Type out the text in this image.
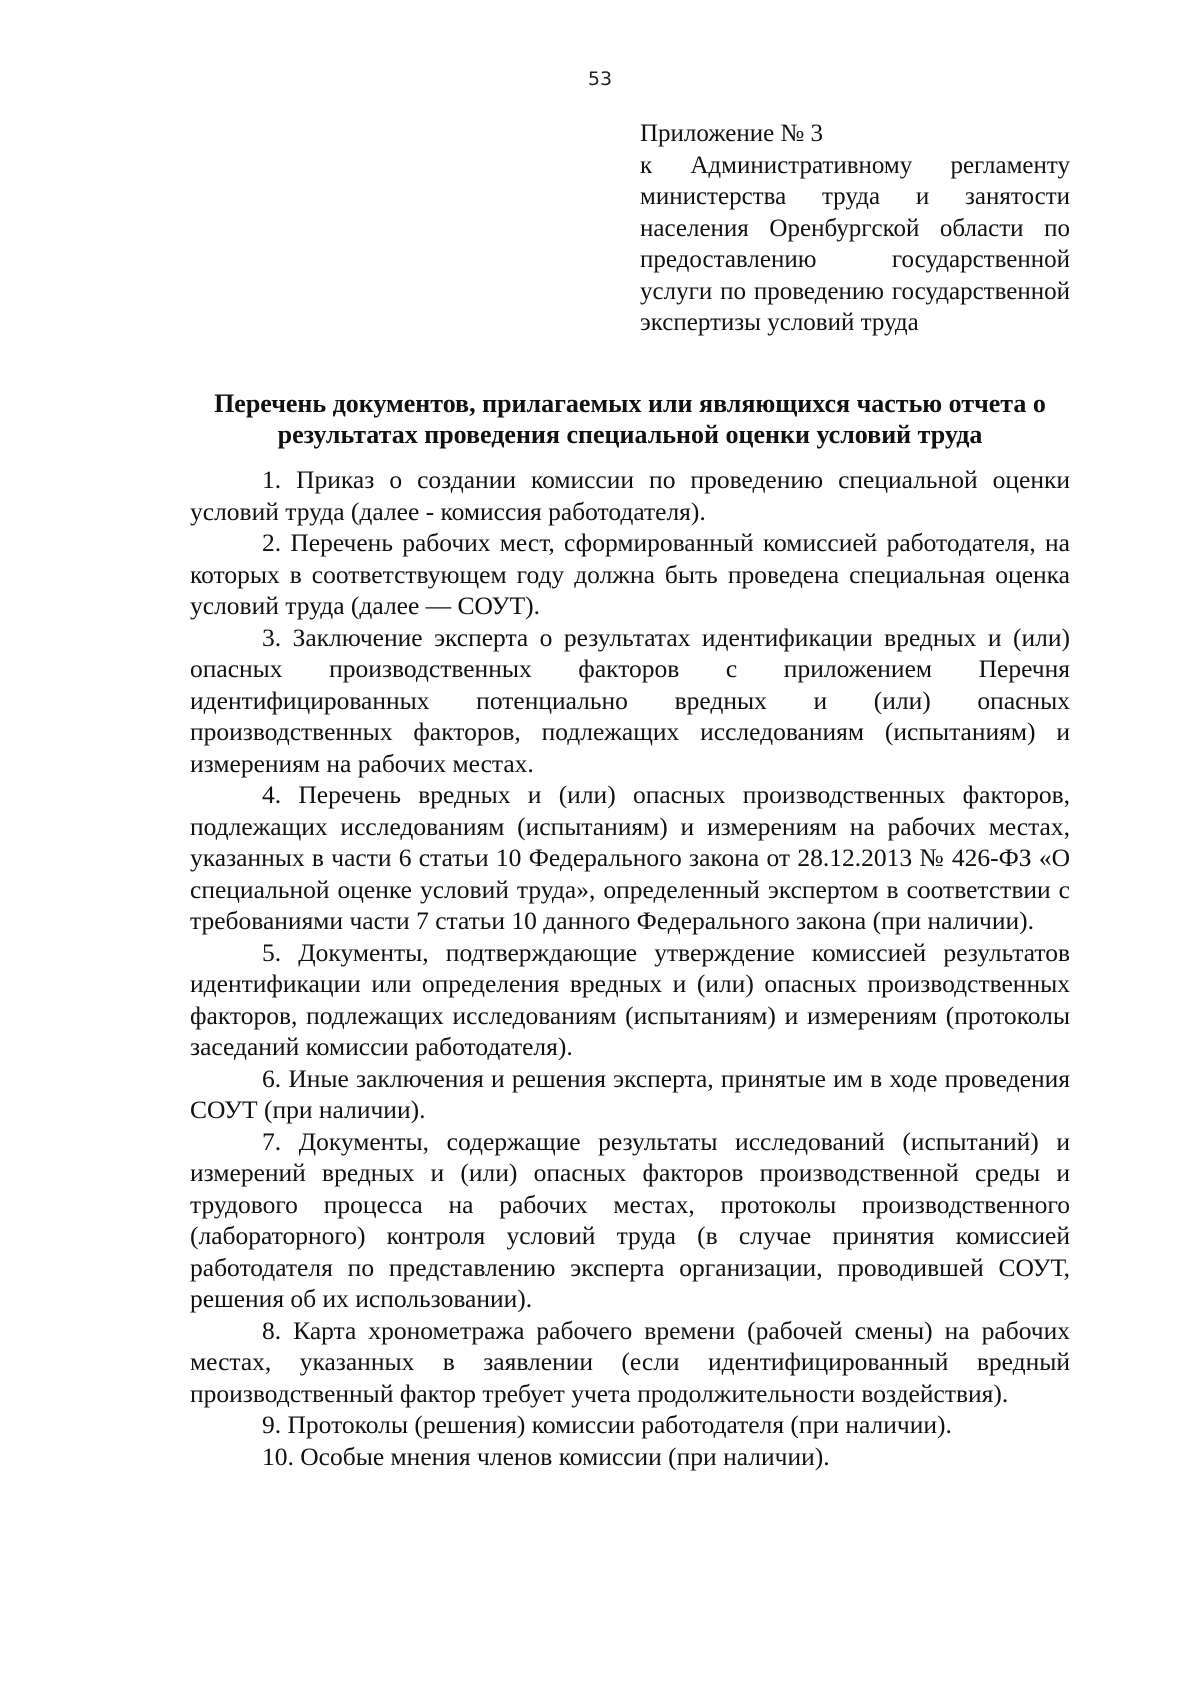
53
Приложение № 3
к Административному регламенту
министерства труда и занятости
населения Оренбургской области по
предоставлению государственной
услуги по проведению государственной
экспертизы условий труда
Перечень документов, прилагаемых или являющихся частью отчета о
результатах проведения специальной оценки условий труда

1. Приказ о создании комиссии по проведению специальной оценки условий труда (далее - комиссия работодателя).

2. Перечень рабочих мест, сформированный комиссией работодателя, на которых в соответствующем году должна быть проведена специальная оценка условий труда (далее — СОУТ).

3. Заключение эксперта о результатах идентификации вредных и (или) опасных производственных факторов с приложением Перечня идентифицированных потенциально вредных и (или) опасных производственных факторов, подлежащих исследованиям (испытаниям) и измерениям на рабочих местах.

4. Перечень вредных и (или) опасных производственных факторов, подлежащих исследованиям (испытаниям) и измерениям на рабочих местах, указанных в части 6 статьи 10 Федерального закона от 28.12.2013 № 426-ФЗ «О специальной оценке условий труда», определенный экспертом в соответствии с требованиями части 7 статьи 10 данного Федерального закона (при наличии).

5. Документы, подтверждающие утверждение комиссией результатов идентификации или определения вредных и (или) опасных производственных факторов, подлежащих исследованиям (испытаниям) и измерениям (протоколы заседаний комиссии работодателя).

6. Иные заключения и решения эксперта, принятые им в ходе проведения СОУТ (при наличии).

7. Документы, содержащие результаты исследований (испытаний) и измерений вредных и (или) опасных факторов производственной среды и трудового процесса на рабочих местах, протоколы производственного (лабораторного) контроля условий труда (в случае принятия комиссией работодателя по представлению эксперта организации, проводившей СОУТ, решения об их использовании).

8. Карта хронометража рабочего времени (рабочей смены) на рабочих местах, указанных в заявлении (если идентифицированный вредный производственный фактор требует учета продолжительности воздействия).

9. Протоколы (решения) комиссии работодателя (при наличии).

10. Особые мнения членов комиссии (при наличии).
